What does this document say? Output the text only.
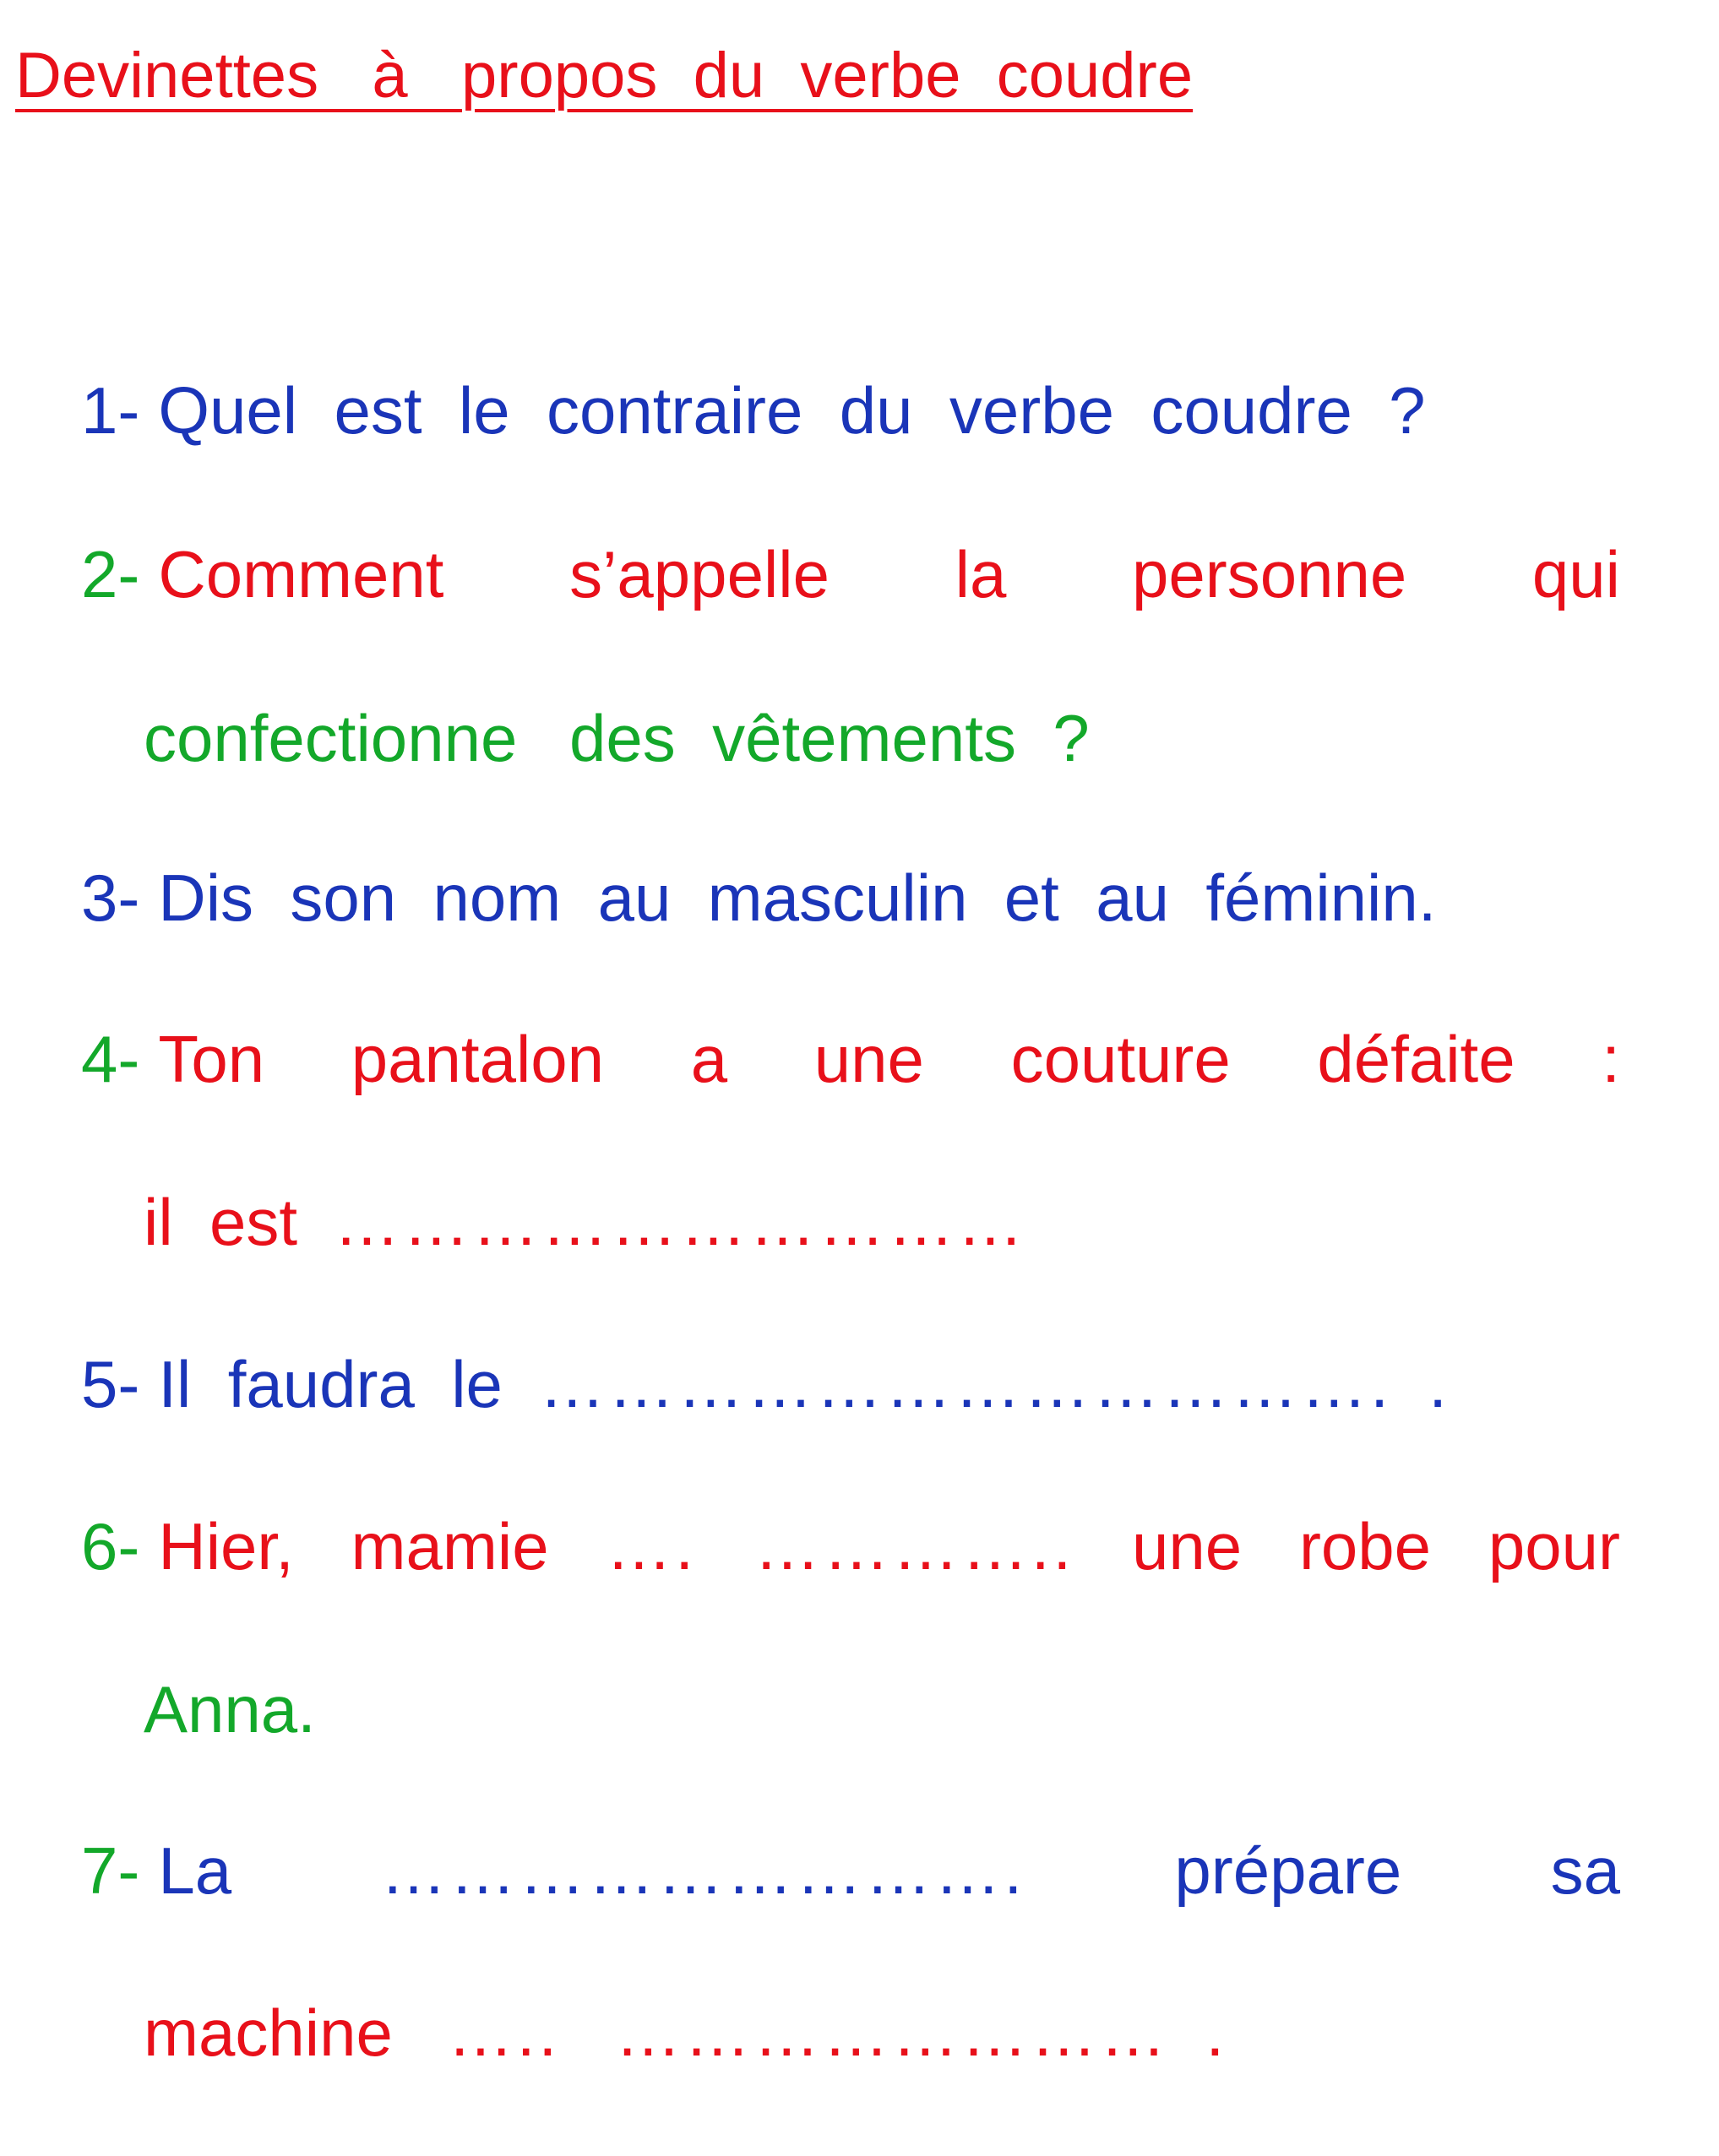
Devinettes   à   propos  du  verbe  coudre
1- Quel est le contraire du verbe coudre ?
2- Comment s’appelle la personne qui
confectionne des vêtements ?
3- Dis son nom au masculin et au féminin.
4- Ton pantalon a une couture défaite :
il est …………………………
5- Il faudra le ………………………………. .
6- Hier, mamie …. ………….. une robe pour
Anna.
7- La ………………………. prépare sa
machine ….. …………………… .
